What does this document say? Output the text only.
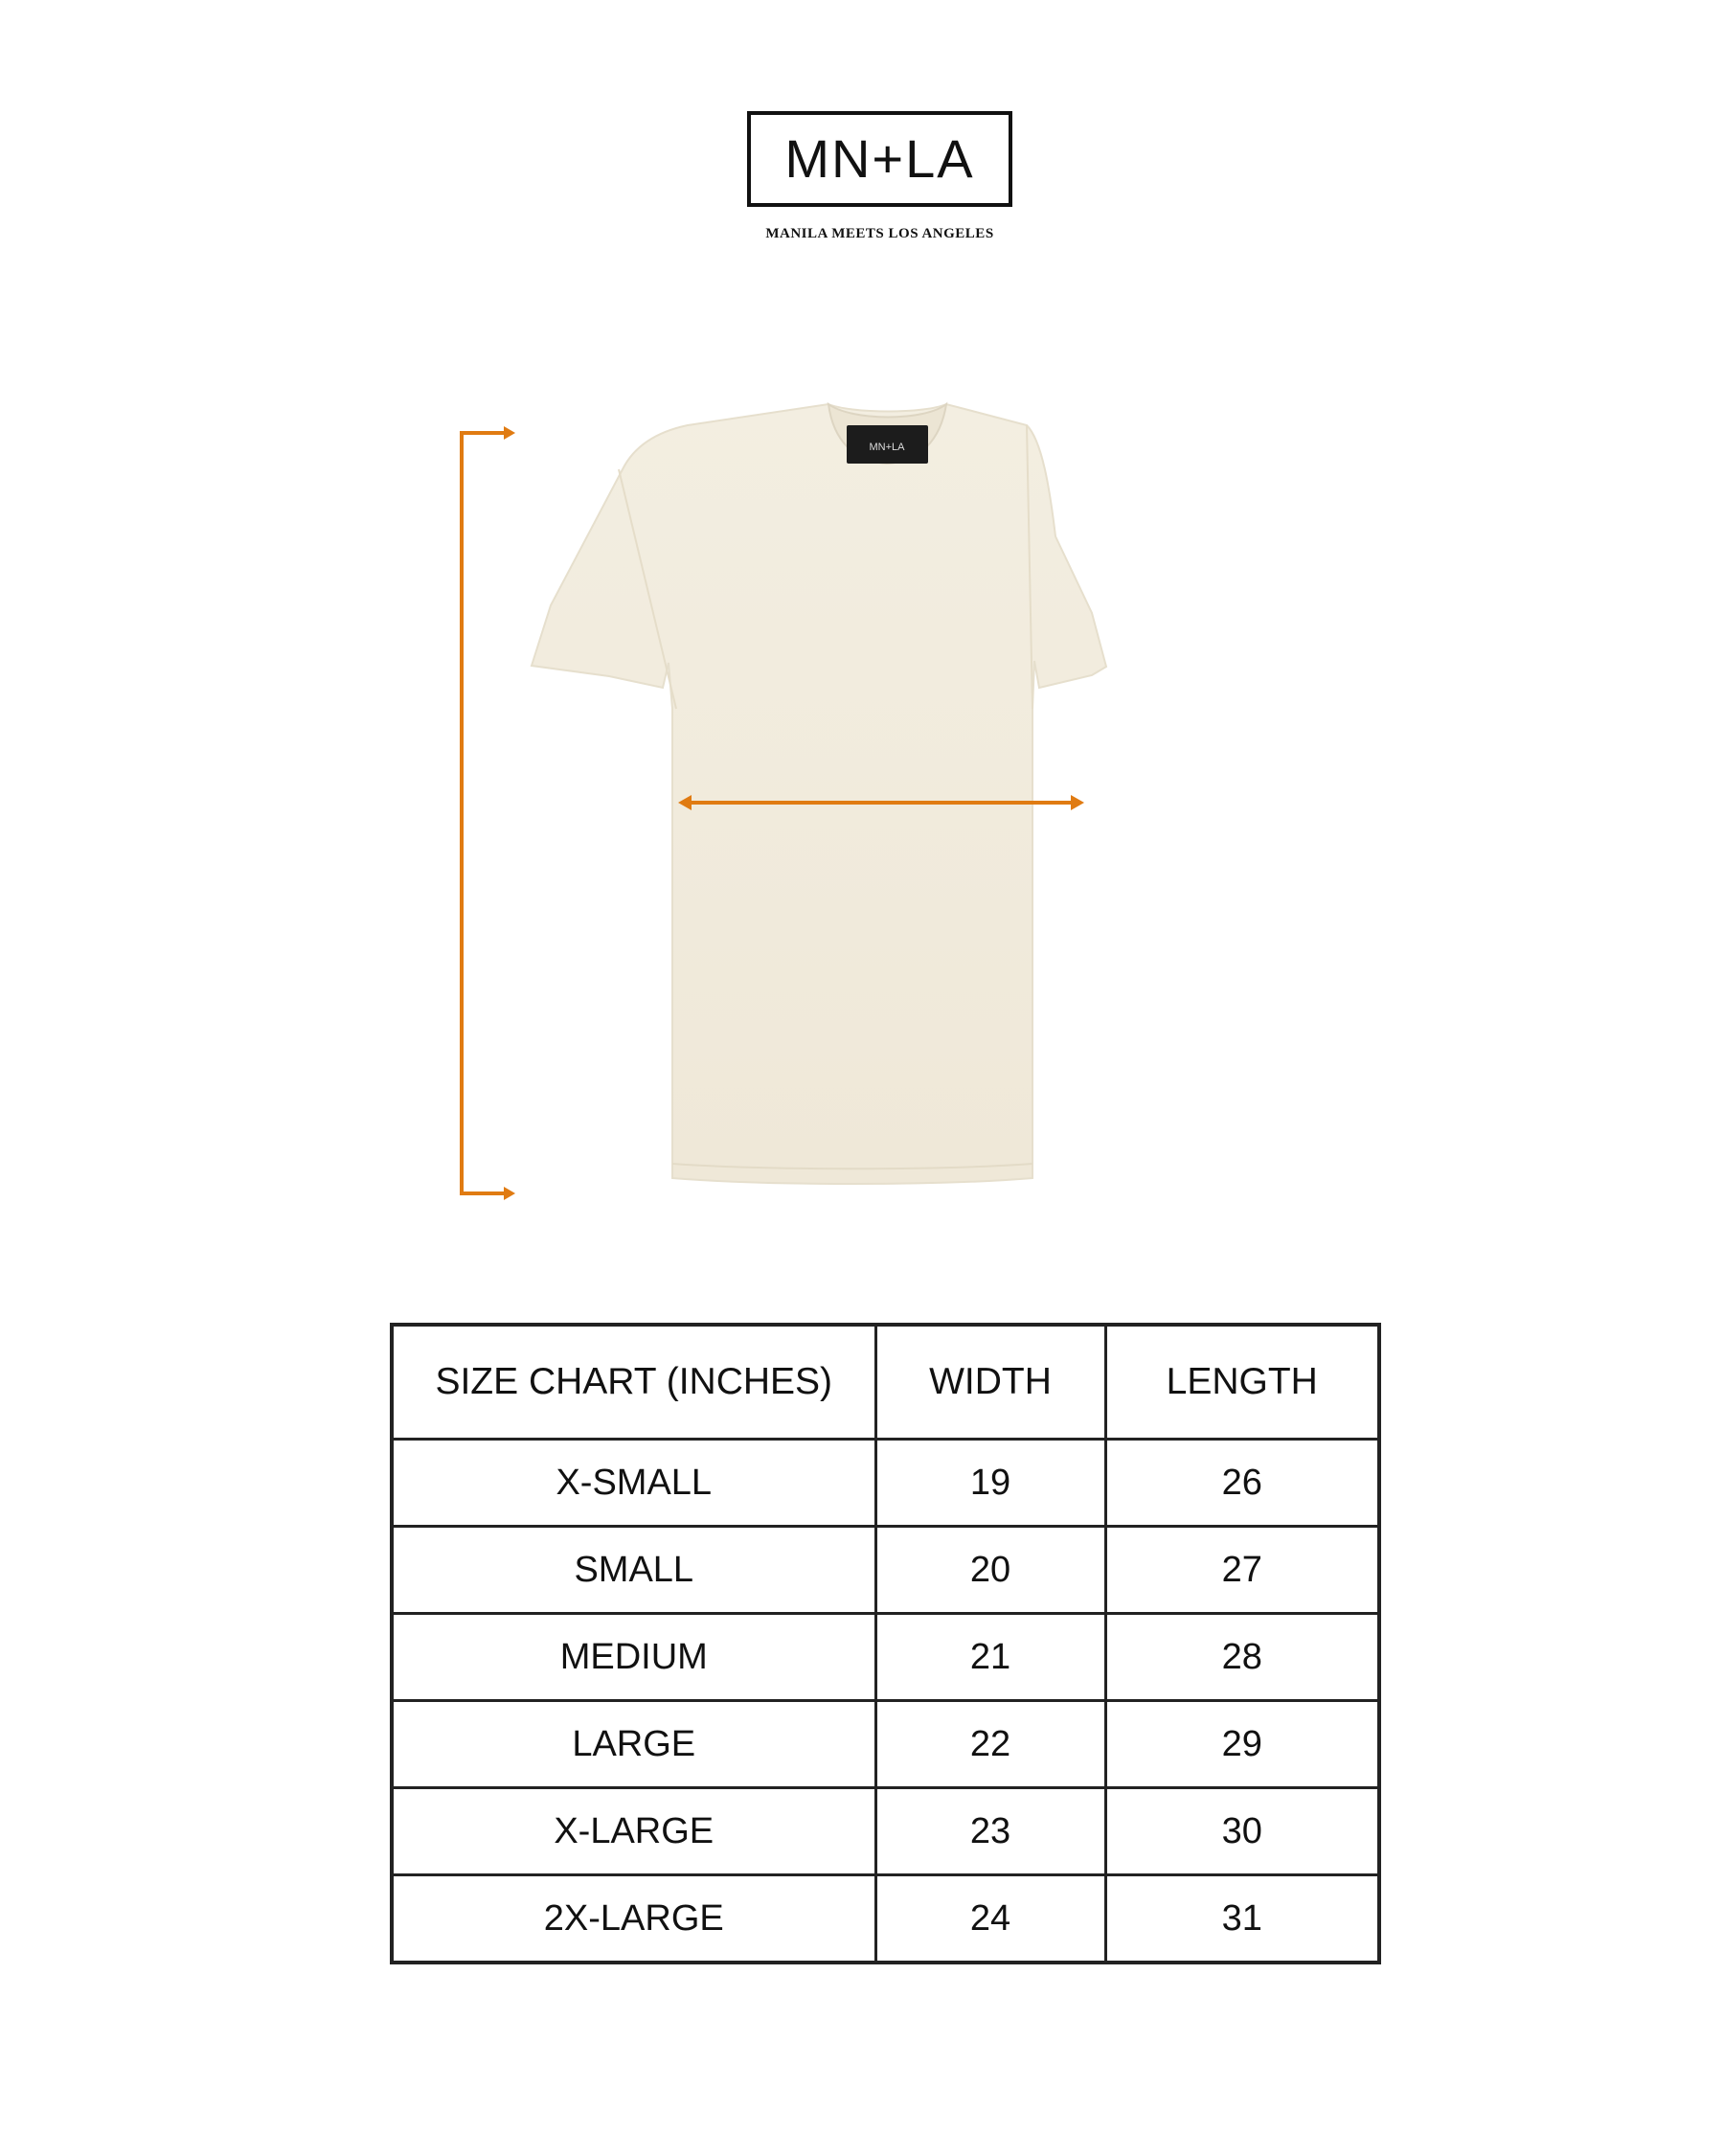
MN+LA
MANILA MEETS LOS ANGELES
MN+LA
SIZE CHART (INCHES)	WIDTH	LENGTH
X-SMALL	19	26
SMALL	20	27
MEDIUM	21	28
LARGE	22	29
X-LARGE	23	30
2X-LARGE	24	31
